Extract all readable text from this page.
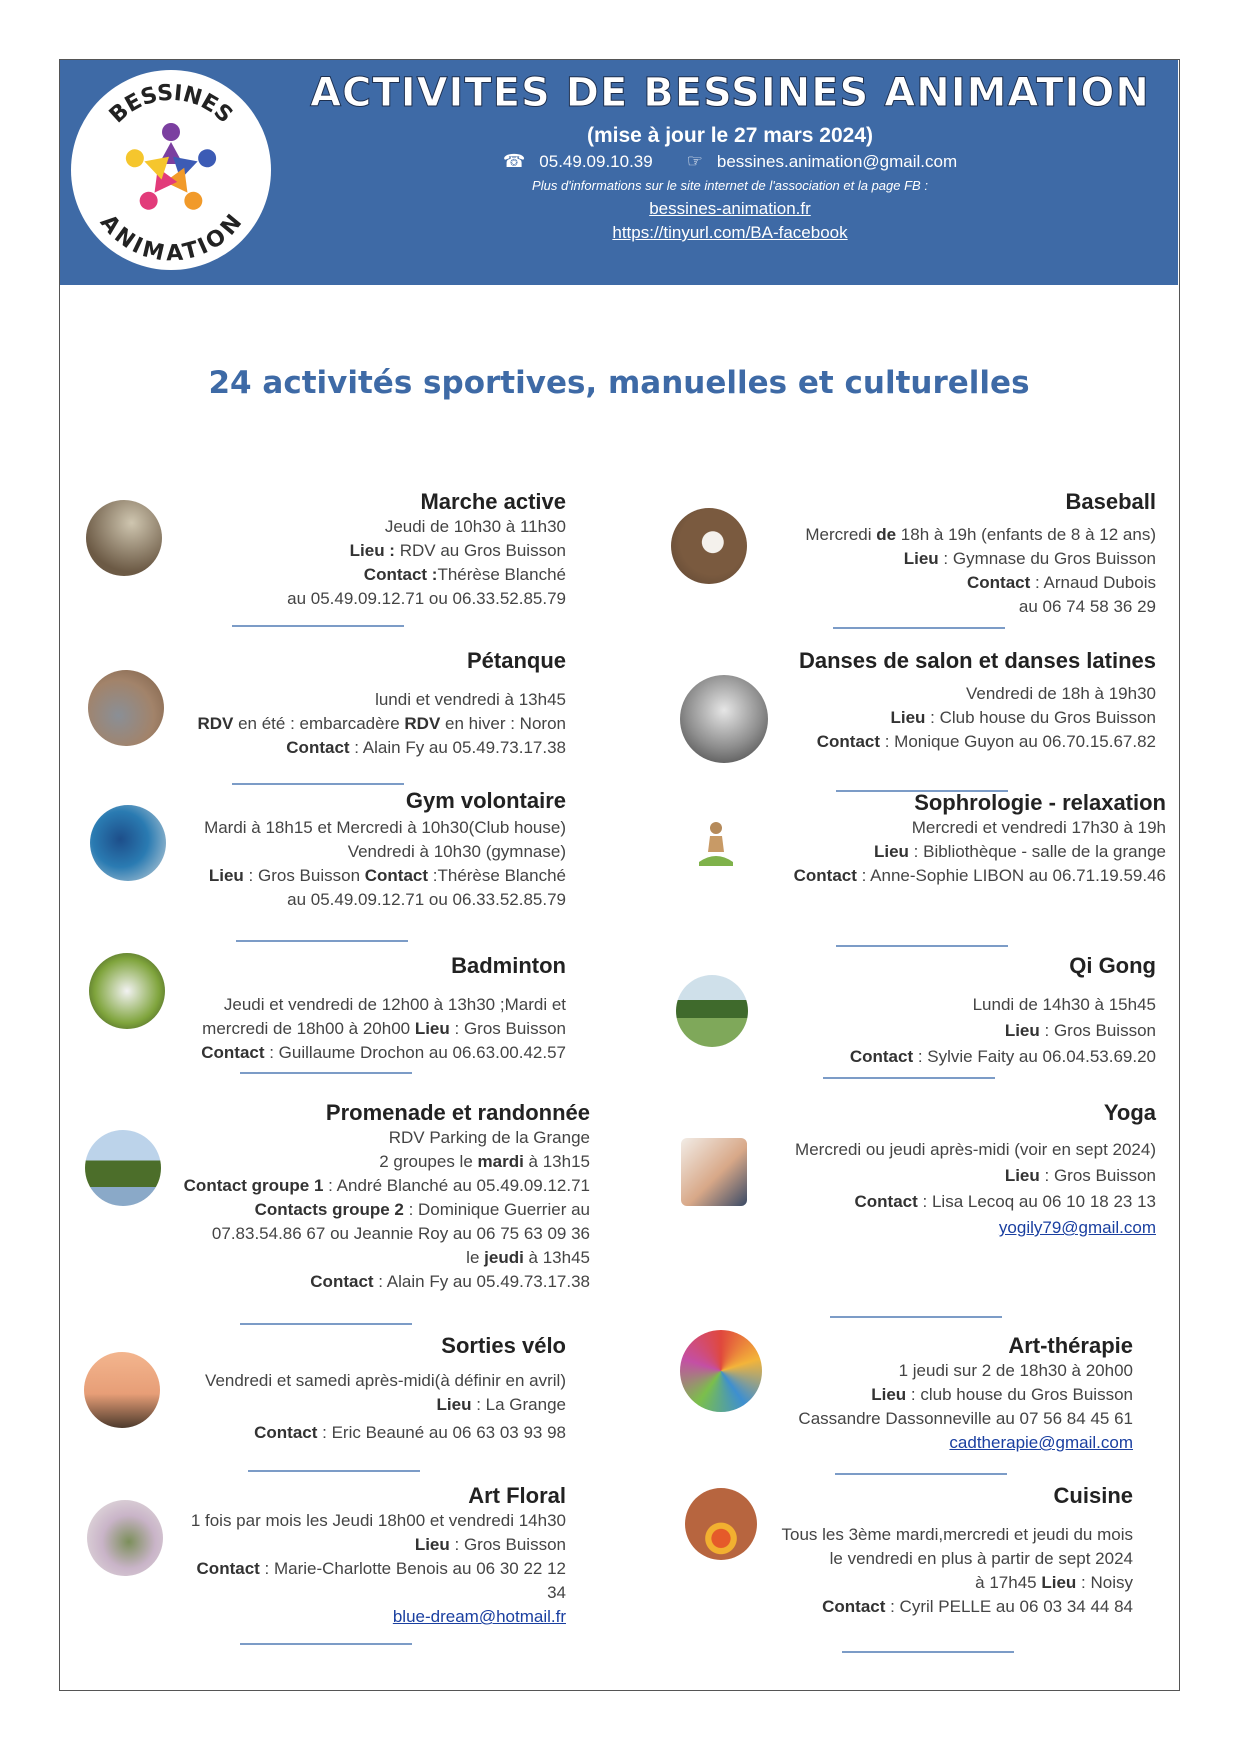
BESSINES
ANIMATION
ACTIVITES DE BESSINES ANIMATION
(mise à jour le 27 mars 2024)
☎ 05.49.09.10.39 ☞ bessines.animation@gmail.com
Plus d'informations sur le site internet de l'association et la page FB :
bessines-animation.fr
https://tinyurl.com/BA-facebook
24 activités sportives, manuelles et culturelles
Marche active
Jeudi de 10h30 à 11h30
Lieu : RDV au Gros Buisson
Contact :Thérèse Blanché
au 05.49.09.12.71 ou 06.33.52.85.79
Pétanque
lundi et vendredi à 13h45
RDV en été : embarcadère RDV en hiver : Noron
Contact : Alain Fy au 05.49.73.17.38
Gym volontaire
Mardi à 18h15 et Mercredi à 10h30(Club house)
Vendredi à 10h30 (gymnase)
Lieu : Gros Buisson Contact :Thérèse Blanché
au 05.49.09.12.71 ou 06.33.52.85.79
Badminton
Jeudi et vendredi de 12h00 à 13h30 ;Mardi et
mercredi de 18h00 à 20h00 Lieu : Gros Buisson
Contact : Guillaume Drochon au 06.63.00.42.57
Promenade et randonnée
RDV Parking de la Grange
2 groupes le mardi à 13h15
Contact groupe 1 : André Blanché au 05.49.09.12.71
Contacts groupe 2 : Dominique Guerrier au
07.83.54.86 67 ou Jeannie Roy au 06 75 63 09 36
le jeudi à 13h45
Contact : Alain Fy au 05.49.73.17.38
Sorties vélo
Vendredi et samedi après-midi(à définir en avril)
Lieu : La Grange
Contact : Eric Beauné au 06 63 03 93 98
Art Floral
1 fois par mois les Jeudi 18h00 et vendredi 14h30
Lieu : Gros Buisson
Contact : Marie-Charlotte Benois au 06 30 22 12
34
blue-dream@hotmail.fr
Baseball
Mercredi de 18h à 19h (enfants de 8 à 12 ans)
Lieu : Gymnase du Gros Buisson
Contact : Arnaud Dubois
au 06 74 58 36 29
Danses de salon et danses latines
Vendredi de 18h à 19h30
Lieu : Club house du Gros Buisson
Contact : Monique Guyon au 06.70.15.67.82
Sophrologie - relaxation
Mercredi et vendredi 17h30 à 19h
Lieu : Bibliothèque - salle de la grange
Contact : Anne-Sophie LIBON au 06.71.19.59.46
Qi Gong
Lundi de 14h30 à 15h45
Lieu : Gros Buisson
Contact : Sylvie Faity au 06.04.53.69.20
Yoga
Mercredi ou jeudi après-midi (voir en sept 2024)
Lieu : Gros Buisson
Contact : Lisa Lecoq au 06 10 18 23 13
yogily79@gmail.com
Art-thérapie
1 jeudi sur 2 de 18h30 à 20h00
Lieu : club house du Gros Buisson
Cassandre Dassonneville au 07 56 84 45 61
cadtherapie@gmail.com
Cuisine
Tous les 3ème mardi,mercredi et jeudi du mois
le vendredi en plus à partir de sept 2024
à 17h45 Lieu : Noisy
Contact : Cyril PELLE au 06 03 34 44 84
